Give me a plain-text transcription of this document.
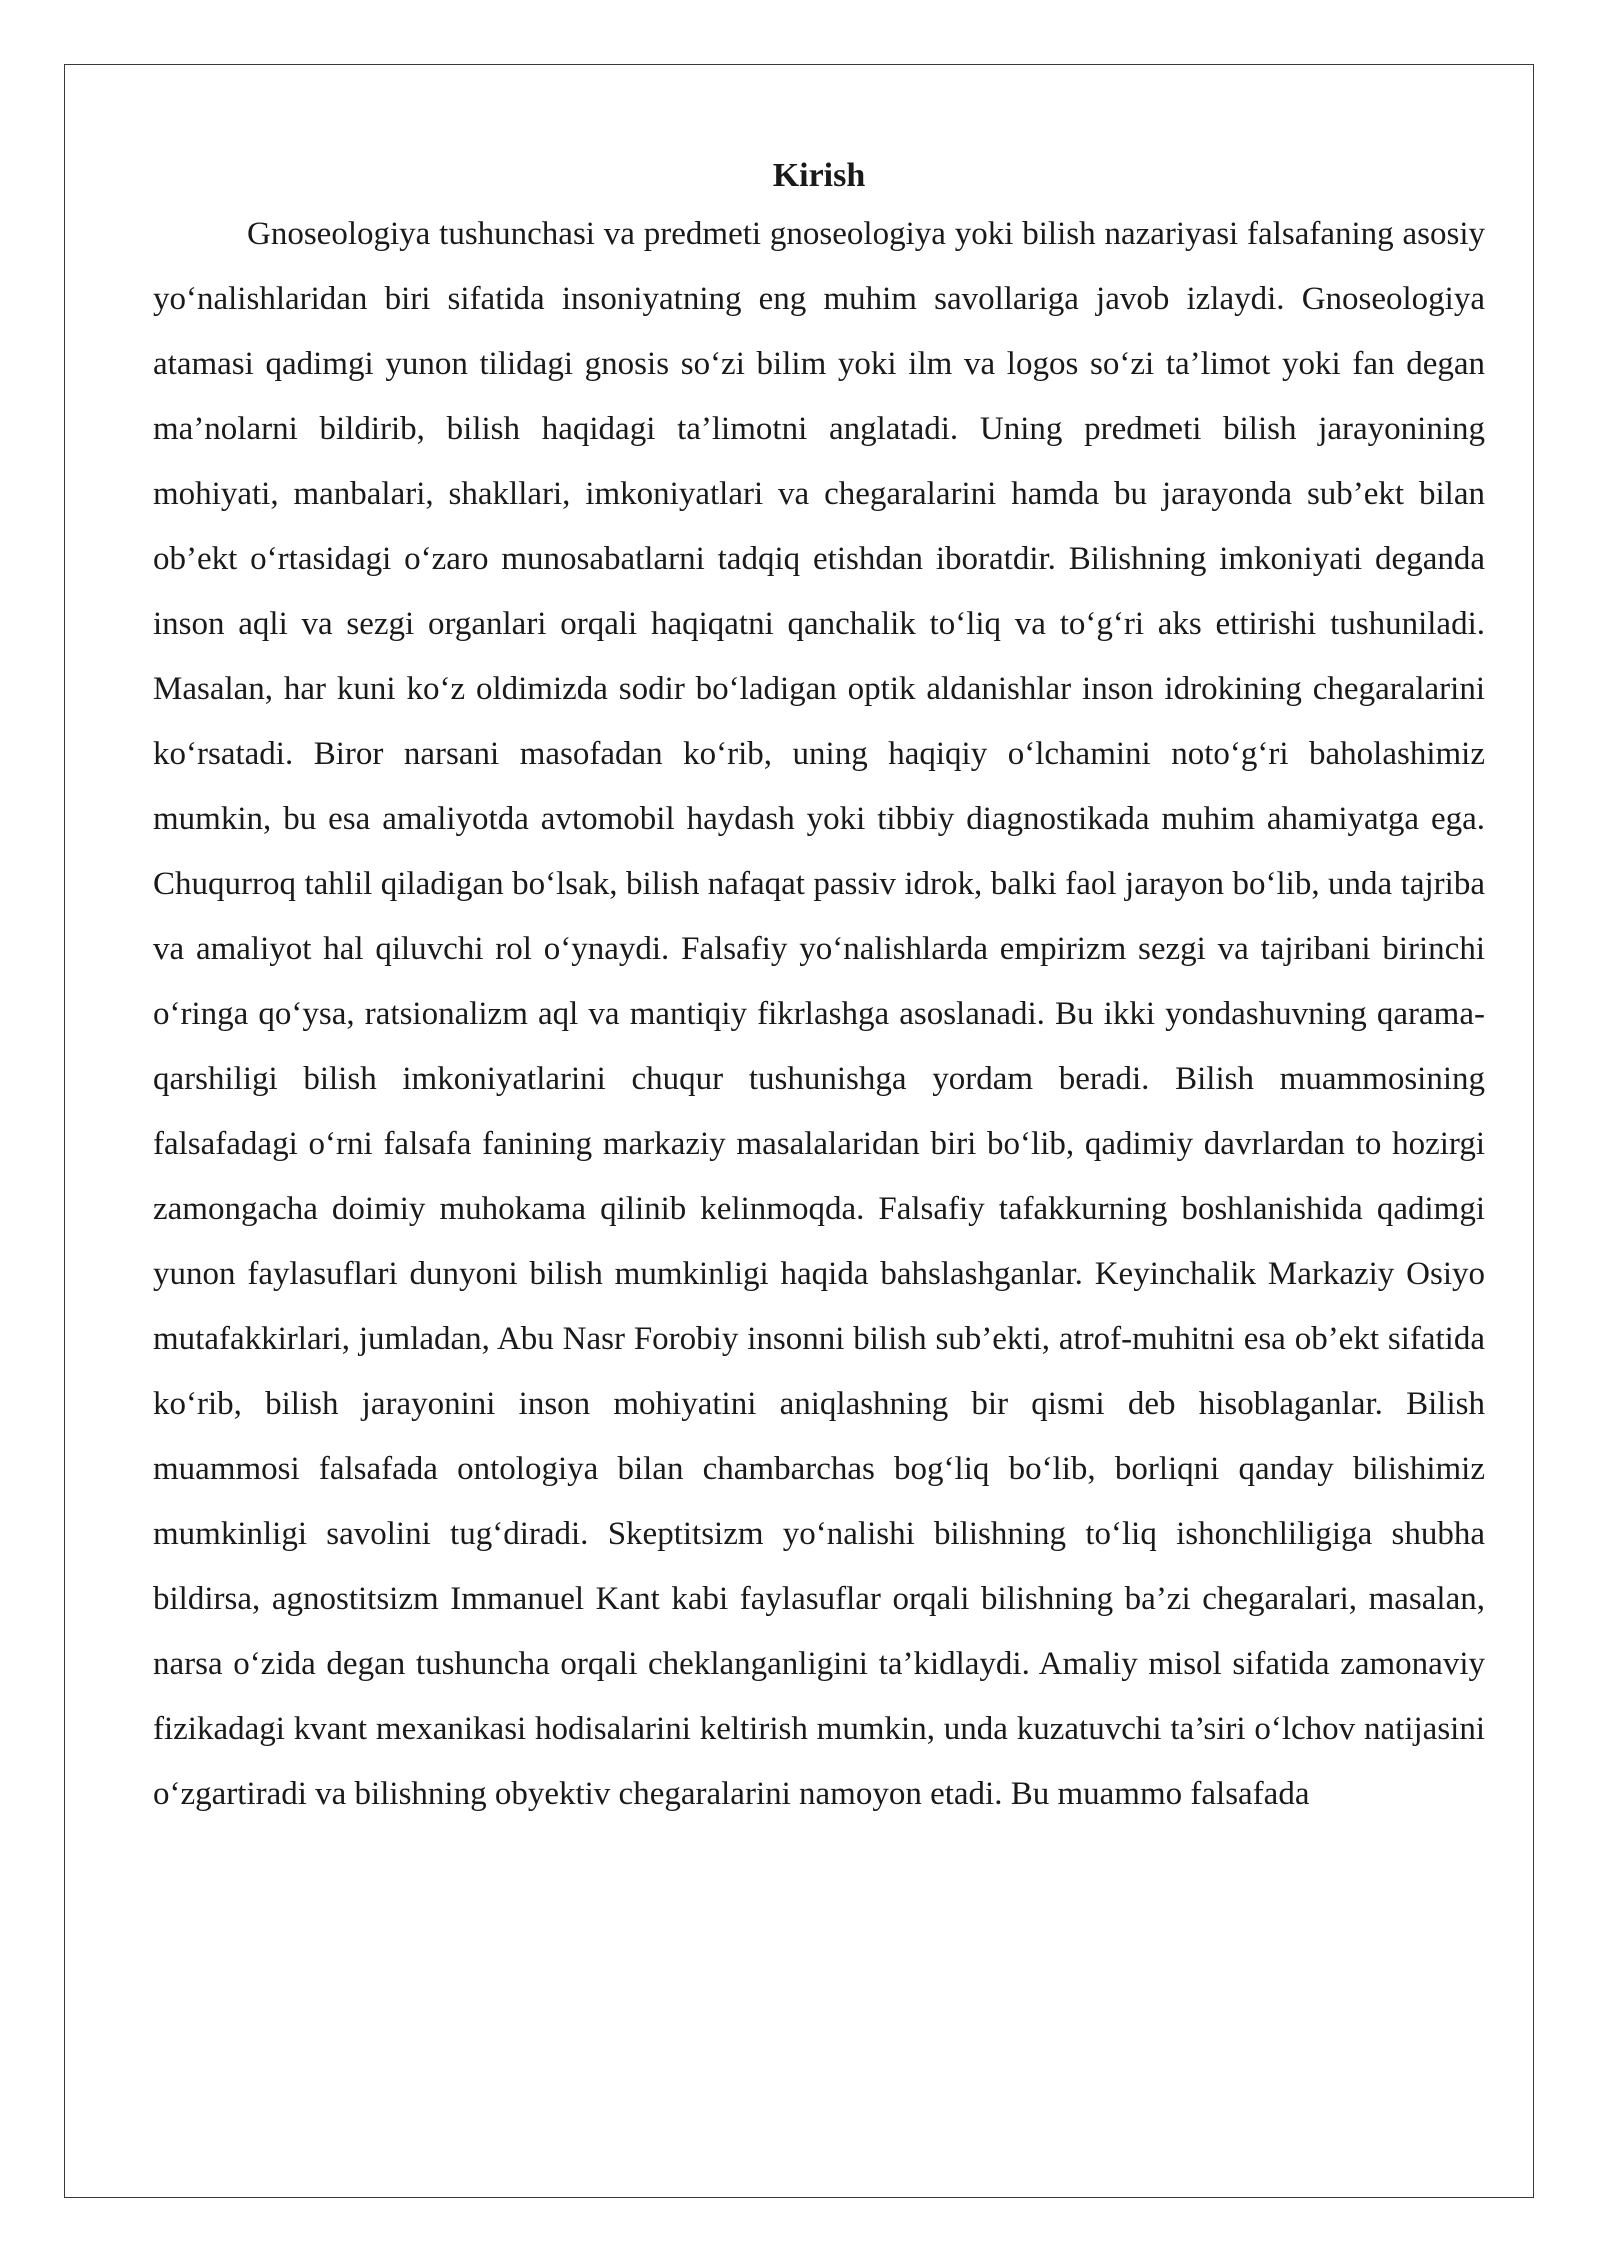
Kirish

Gnoseologiya tushunchasi va predmeti gnoseologiya yoki bilish nazariyasi falsafaning asosiy yo‘nalishlaridan biri sifatida insoniyatning eng muhim savollariga javob izlaydi. Gnoseologiya atamasi qadimgi yunon tilidagi gnosis so‘zi bilim yoki ilm va logos so‘zi ta’limot yoki fan degan ma’nolarni bildirib, bilish haqidagi ta’limotni anglatadi. Uning predmeti bilish jarayonining mohiyati, manbalari, shakllari, imkoniyatlari va chegaralarini hamda bu jarayonda sub’ekt bilan ob’ekt o‘rtasidagi o‘zaro munosabatlarni tadqiq etishdan iboratdir. Bilishning imkoniyati deganda inson aqli va sezgi organlari orqali haqiqatni qanchalik to‘liq va to‘g‘ri aks ettirishi tushuniladi. Masalan, har kuni ko‘z oldimizda sodir bo‘ladigan optik aldanishlar inson idrokining chegaralarini ko‘rsatadi. Biror narsani masofadan ko‘rib, uning haqiqiy o‘lchamini noto‘g‘ri baholashimiz mumkin, bu esa amaliyotda avtomobil haydash yoki tibbiy diagnostikada muhim ahamiyatga ega. Chuqurroq tahlil qiladigan bo‘lsak, bilish nafaqat passiv idrok, balki faol jarayon bo‘lib, unda tajriba va amaliyot hal qiluvchi rol o‘ynaydi. Falsafiy yo‘nalishlarda empirizm sezgi va tajribani birinchi o‘ringa qo‘ysa, ratsionalizm aql va mantiqiy fikrlashga asoslanadi. Bu ikki yondashuvning qarama-qarshiligi bilish imkoniyatlarini chuqur tushunishga yordam beradi. Bilish muammosining falsafadagi o‘rni falsafa fanining markaziy masalalaridan biri bo‘lib, qadimiy davrlardan to hozirgi zamongacha doimiy muhokama qilinib kelinmoqda. Falsafiy tafakkurning boshlanishida qadimgi yunon faylasuflari dunyoni bilish mumkinligi haqida bahslashganlar. Keyinchalik Markaziy Osiyo mutafakkirlari, jumladan, Abu Nasr Forobiy insonni bilish sub’ekti, atrof-muhitni esa ob’ekt sifatida ko‘rib, bilish jarayonini inson mohiyatini aniqlashning bir qismi deb hisoblaganlar. Bilish muammosi falsafada ontologiya bilan chambarchas bog‘liq bo‘lib, borliqni qanday bilishimiz mumkinligi savolini tug‘diradi. Skeptitsizm yo‘nalishi bilishning to‘liq ishonchliligiga shubha bildirsa, agnostitsizm Immanuel Kant kabi faylasuflar orqali bilishning ba’zi chegaralari, masalan, narsa o‘zida degan tushuncha orqali cheklanganligini ta’kidlaydi. Amaliy misol sifatida zamonaviy fizikadagi kvant mexanikasi hodisalarini keltirish mumkin, unda kuzatuvchi ta’siri o‘lchov natijasini o‘zgartiradi va bilishning obyektiv chegaralarini namoyon etadi. Bu muammo falsafada
